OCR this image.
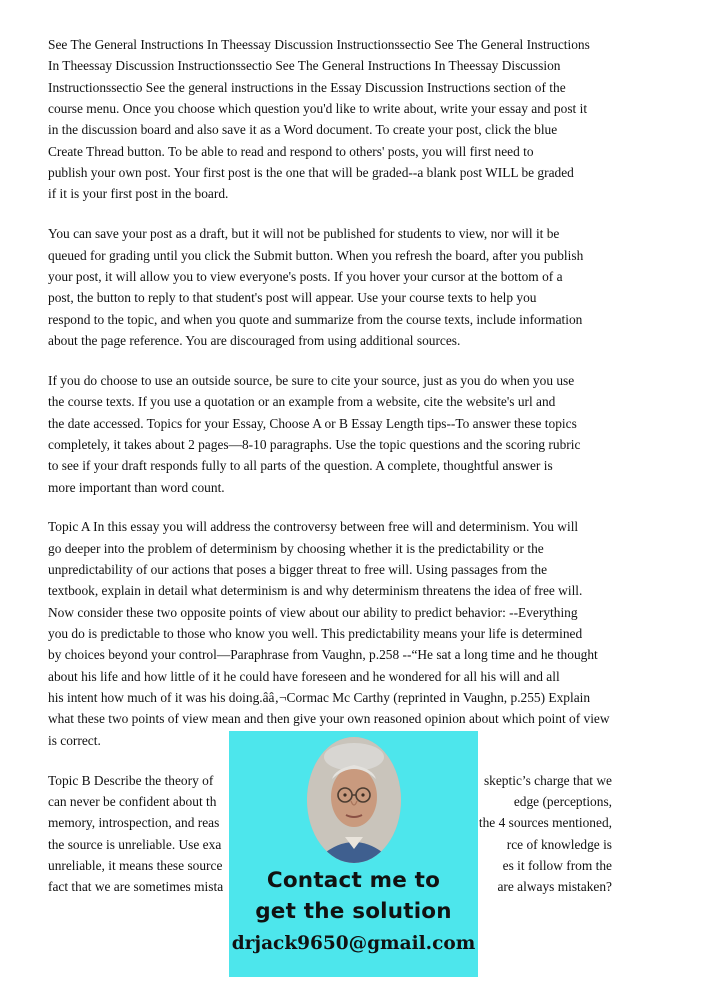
See The General Instructions In Theessay Discussion Instructionssectio See The General Instructions
In Theessay Discussion Instructionssectio See The General Instructions In Theessay Discussion
Instructionssectio See the general instructions in the Essay Discussion Instructions section of the
course menu. Once you choose which question you'd like to write about, write your essay and post it
in the discussion board and also save it as a Word document. To create your post, click the blue
Create Thread button. To be able to read and respond to others' posts, you will first need to
publish your own post. Your first post is the one that will be graded--a blank post WILL be graded
if it is your first post in the board.
You can save your post as a draft, but it will not be published for students to view, nor will it be
queued for grading until you click the Submit button. When you refresh the board, after you publish
your post, it will allow you to view everyone's posts. If you hover your cursor at the bottom of a
post, the button to reply to that student's post will appear. Use your course texts to help you
respond to the topic, and when you quote and summarize from the course texts, include information
about the page reference. You are discouraged from using additional sources.
If you do choose to use an outside source, be sure to cite your source, just as you do when you use
the course texts. If you use a quotation or an example from a website, cite the website's url and
the date accessed. Topics for your Essay, Choose A or B Essay Length tips--To answer these topics
completely, it takes about 2 pages—8-10 paragraphs. Use the topic questions and the scoring rubric
to see if your draft responds fully to all parts of the question. A complete, thoughtful answer is
more important than word count.
Topic A In this essay you will address the controversy between free will and determinism. You will
go deeper into the problem of determinism by choosing whether it is the predictability or the
unpredictability of our actions that poses a bigger threat to free will. Using passages from the
textbook, explain in detail what determinism is and why determinism threatens the idea of free will.
Now consider these two opposite points of view about our ability to predict behavior: --Everything
you do is predictable to those who know you well. This predictability means your life is determined
by choices beyond your control—Paraphrase from Vaughn, p.258 --“He sat a long time and he thought
about his life and how little of it he could have foreseen and he wondered for all his will and all
his intent how much of it was his doing.ââ‚¬Cormac Mc Carthy (reprinted in Vaughn, p.255) Explain
what these two points of view mean and then give your own reasoned opinion about which point of view
is correct.
Topic B Describe the theory of
can never be confident about th
memory, introspection, and reas
the source is unreliable. Use exa
unreliable, it means these source
fact that we are sometimes mista
skeptic’s charge that we
edge (perceptions,
the 4 sources mentioned,
rce of knowledge is
es it follow from the
are always mistaken?
Contact me to
get the solution
drjack9650@gmail.com
